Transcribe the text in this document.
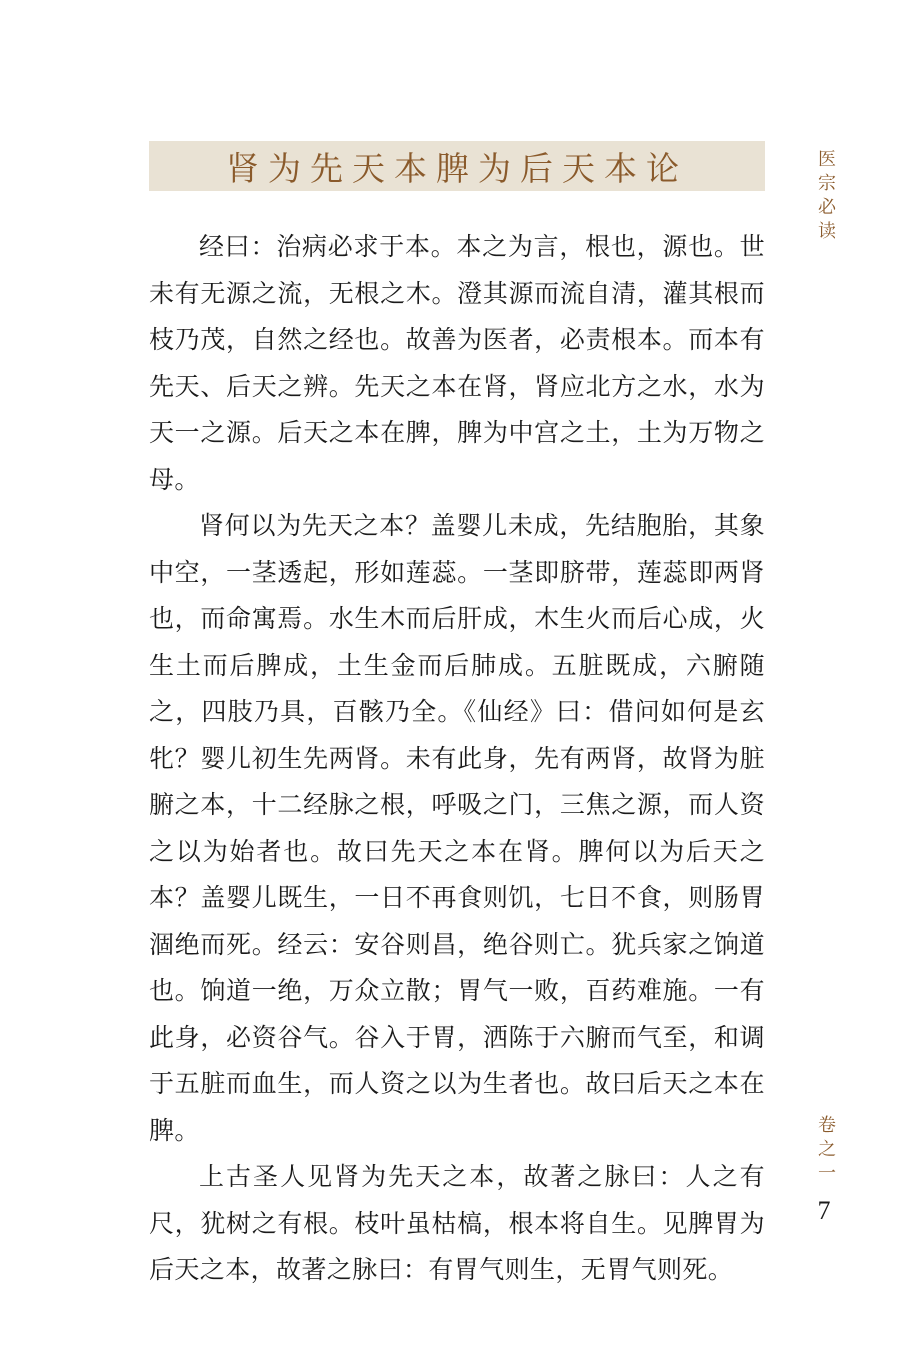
肾为先天本脾为后天本论

经曰：治病必求于本。本之为言，根也，源也。世未有无源之流，无根之木。澄其源而流自清，灌其根而枝乃茂，自然之经也。故善为医者，必责根本。而本有先天、后天之辨。先天之本在肾，肾应北方之水，水为天一之源。后天之本在脾，脾为中宫之土，土为万物之母。

肾何以为先天之本？盖婴儿未成，先结胞胎，其象中空，一茎透起，形如莲蕊。一茎即脐带，莲蕊即两肾也，而命寓焉。水生木而后肝成，木生火而后心成，火生土而后脾成，土生金而后肺成。五脏既成，六腑随之，四肢乃具，百骸乃全。《仙经》曰：借问如何是玄牝？婴儿初生先两肾。未有此身，先有两肾，故肾为脏腑之本，十二经脉之根，呼吸之门，三焦之源，而人资之以为始者也。故曰先天之本在肾。脾何以为后天之本？盖婴儿既生，一日不再食则饥，七日不食，则肠胃涸绝而死。经云：安谷则昌，绝谷则亡。犹兵家之饷道也。饷道一绝，万众立散；胃气一败，百药难施。一有此身，必资谷气。谷入于胃，洒陈于六腑而气至，和调于五脏而血生，而人资之以为生者也。故曰后天之本在脾。

上古圣人见肾为先天之本，故著之脉曰：人之有尺，犹树之有根。枝叶虽枯槁，根本将自生。见脾胃为后天之本，故著之脉曰：有胃气则生，无胃气则死。

医宗必读
卷之一
7
